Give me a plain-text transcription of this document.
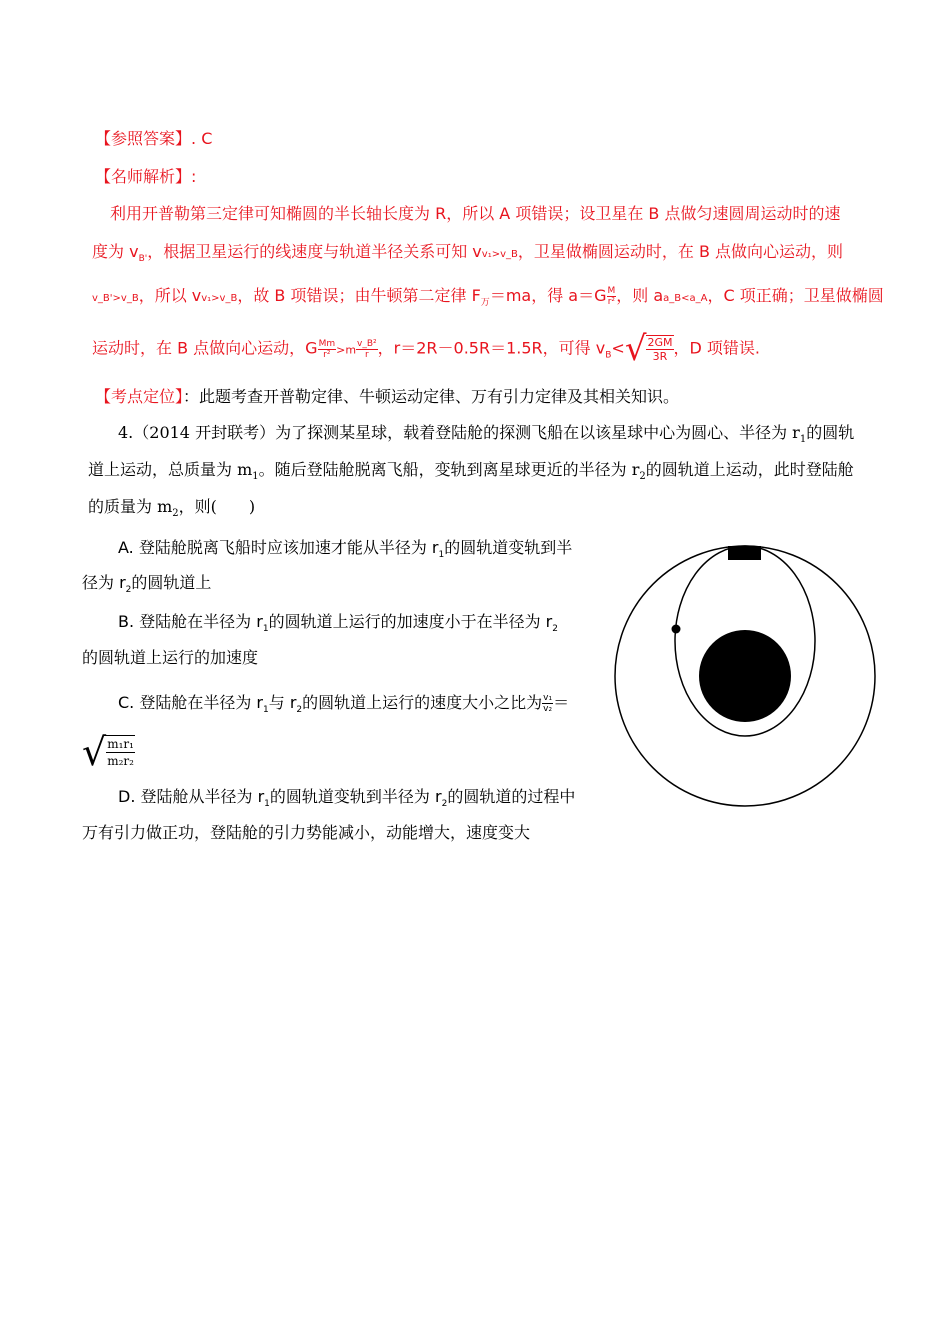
【参照答案】. C
【名师解析】:
利用开普勒第三定律可知椭圆的半长轴长度为 R，所以 A 项错误；设卫星在 B 点做匀速圆周运动时的速
度为 $v_{B'}$，根据卫星运行的线速度与轨道半径关系可知 vv₁>v_B，卫星做椭圆运动时，在 B 点做向心运动，则
v_B'>v_B，所以 vv₁>v_B，故 B 项错误；由牛顿第二定律 $F_万=ma$，得 $a=G \frac{M}{\text{r²}}$ ，则 aa_B<a_A，C 项正确；卫星做椭圆
运动时，在 B 点做向心运动，G $\frac{Mm}{\text{r²}} >m \frac{\text{v\_B²}}{r}$ ，r＝2R－0.5R＝1.5R，可得 $v_B<√ \frac{2GM}{3R}$ ，D 项错误.
【考点定位】：此题考查开普勒定律、牛顿运动定律、万有引力定律及其相关知识。
4.（2014 开封联考）为了探测某星球，载着登陆舱的探测飞船在以该星球中心为圆心、半径为 $r_1$的圆轨
道上运动，总质量为 $m_1$。随后登陆舱脱离飞船，变轨到离星球更近的半径为 $r_2$的圆轨道上运动，此时登陆舱
的质量为 $m_2$，则(　　)
A. 登陆舱脱离飞船时应该加速才能从半径为 $r_1$的圆轨道变轨到半
径为 $r_2$的圆轨道上
B. 登陆舱在半径为 $r_1$的圆轨道上运行的加速度小于在半径为 $r_2$
的圆轨道上运行的加速度
C. 登陆舱在半径为 $r_1$与 $r_2$的圆轨道上运行的速度大小之比为 $\frac{\text{v₁}}{\text{v₂}}$ ＝
√ $\frac{\text{m₁r₁}}{\text{m₂r₂}}$
D. 登陆舱从半径为 $r_1$的圆轨道变轨到半径为 $r_2$的圆轨道的过程中
万有引力做正功，登陆舱的引力势能减小，动能增大，速度变大
